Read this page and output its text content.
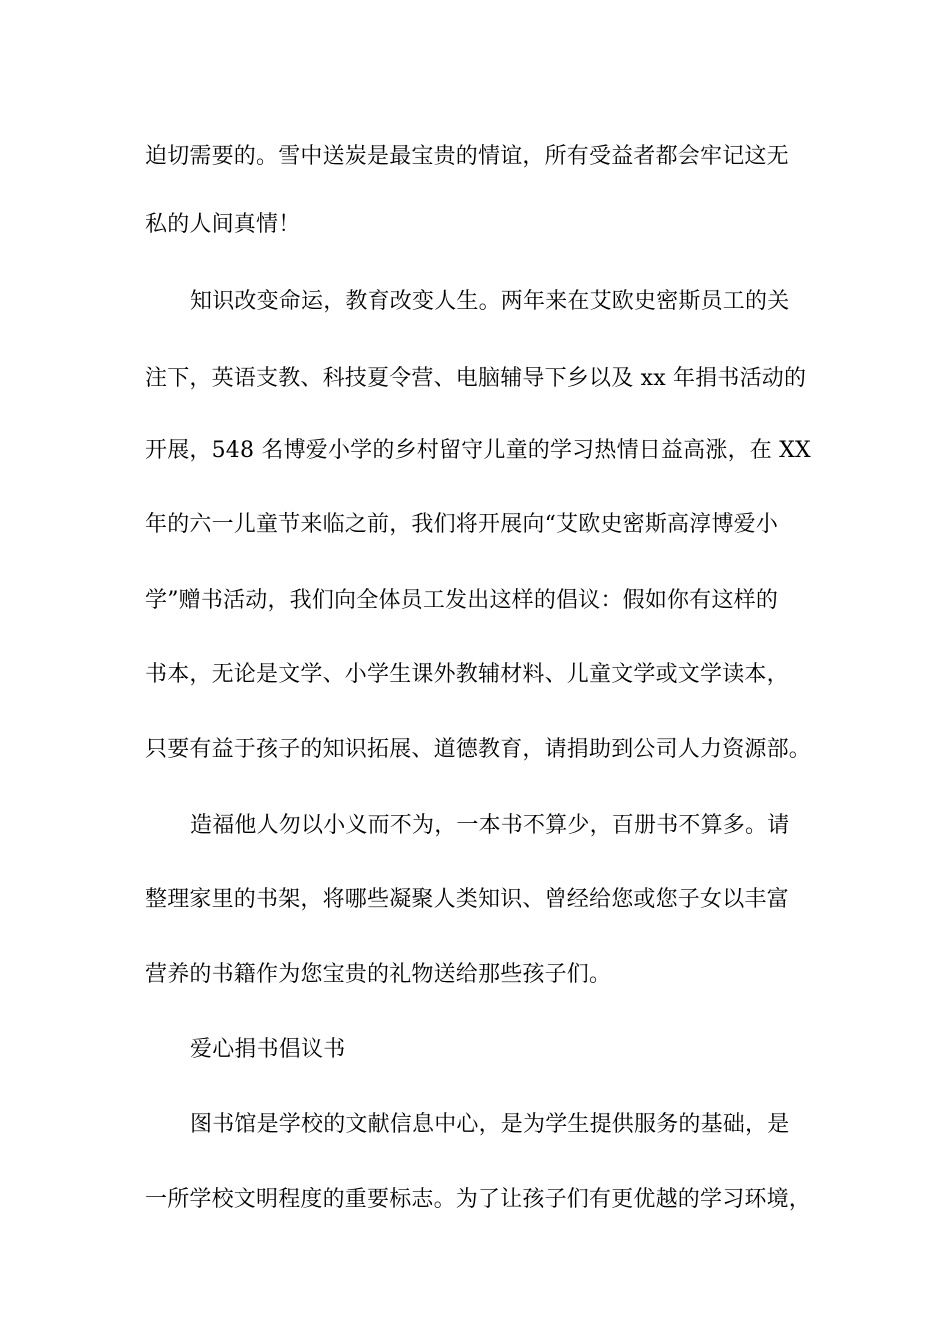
迫切需要的。雪中送炭是最宝贵的情谊，所有受益者都会牢记这无
私的人间真情！
知识改变命运，教育改变人生。两年来在艾欧史密斯员工的关
注下，英语支教、科技夏令营、电脑辅导下乡以及 xx 年捐书活动的
开展，548 名博爱小学的乡村留守儿童的学习热情日益高涨，在 XX
年的六一儿童节来临之前，我们将开展向“艾欧史密斯高淳博爱小
学”赠书活动，我们向全体员工发出这样的倡议：假如你有这样的
书本，无论是文学、小学生课外教辅材料、儿童文学或文学读本，
只要有益于孩子的知识拓展、道德教育，请捐助到公司人力资源部。
造福他人勿以小义而不为，一本书不算少，百册书不算多。请
整理家里的书架，将哪些凝聚人类知识、曾经给您或您子女以丰富
营养的书籍作为您宝贵的礼物送给那些孩子们。
爱心捐书倡议书
图书馆是学校的文献信息中心，是为学生提供服务的基础，是
一所学校文明程度的重要标志。为了让孩子们有更优越的学习环境，
